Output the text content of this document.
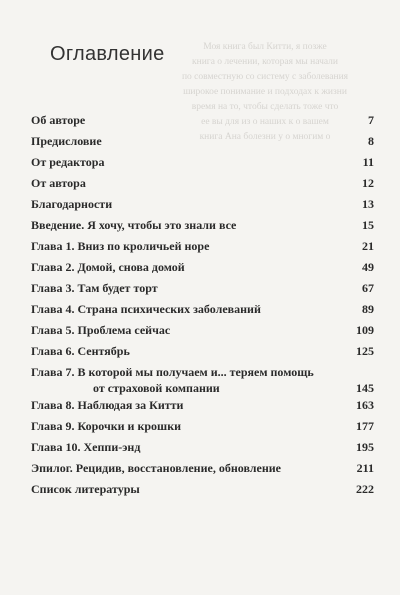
Моя книга был Китти, я позже
книга о лечении, которая мы начали
по совместную со систему с заболевания
широкое понимание и подходах к жизни
время на то, чтобы сделать тоже что
ее вы для из о наших к о вашем
книга Ана болезни у о многим о
Оглавление
Об авторе	7
Предисловие	8
От редактора	11
От автора	12
Благодарности	13
Введение. Я хочу, чтобы это знали все	15
Глава 1. Вниз по кроличьей норе	21
Глава 2. Домой, снова домой	49
Глава 3. Там будет торт	67
Глава 4. Страна психических заболеваний	89
Глава 5. Проблема сейчас	109
Глава 6. Сентябрь	125
Глава 7. В которой мы получаем и... теряем помощь
от страховой компании	145
Глава 8. Наблюдая за Китти	163
Глава 9. Корочки и крошки	177
Глава 10. Хеппи-энд	195
Эпилог. Рецидив, восстановление, обновление	211
Список литературы	222
